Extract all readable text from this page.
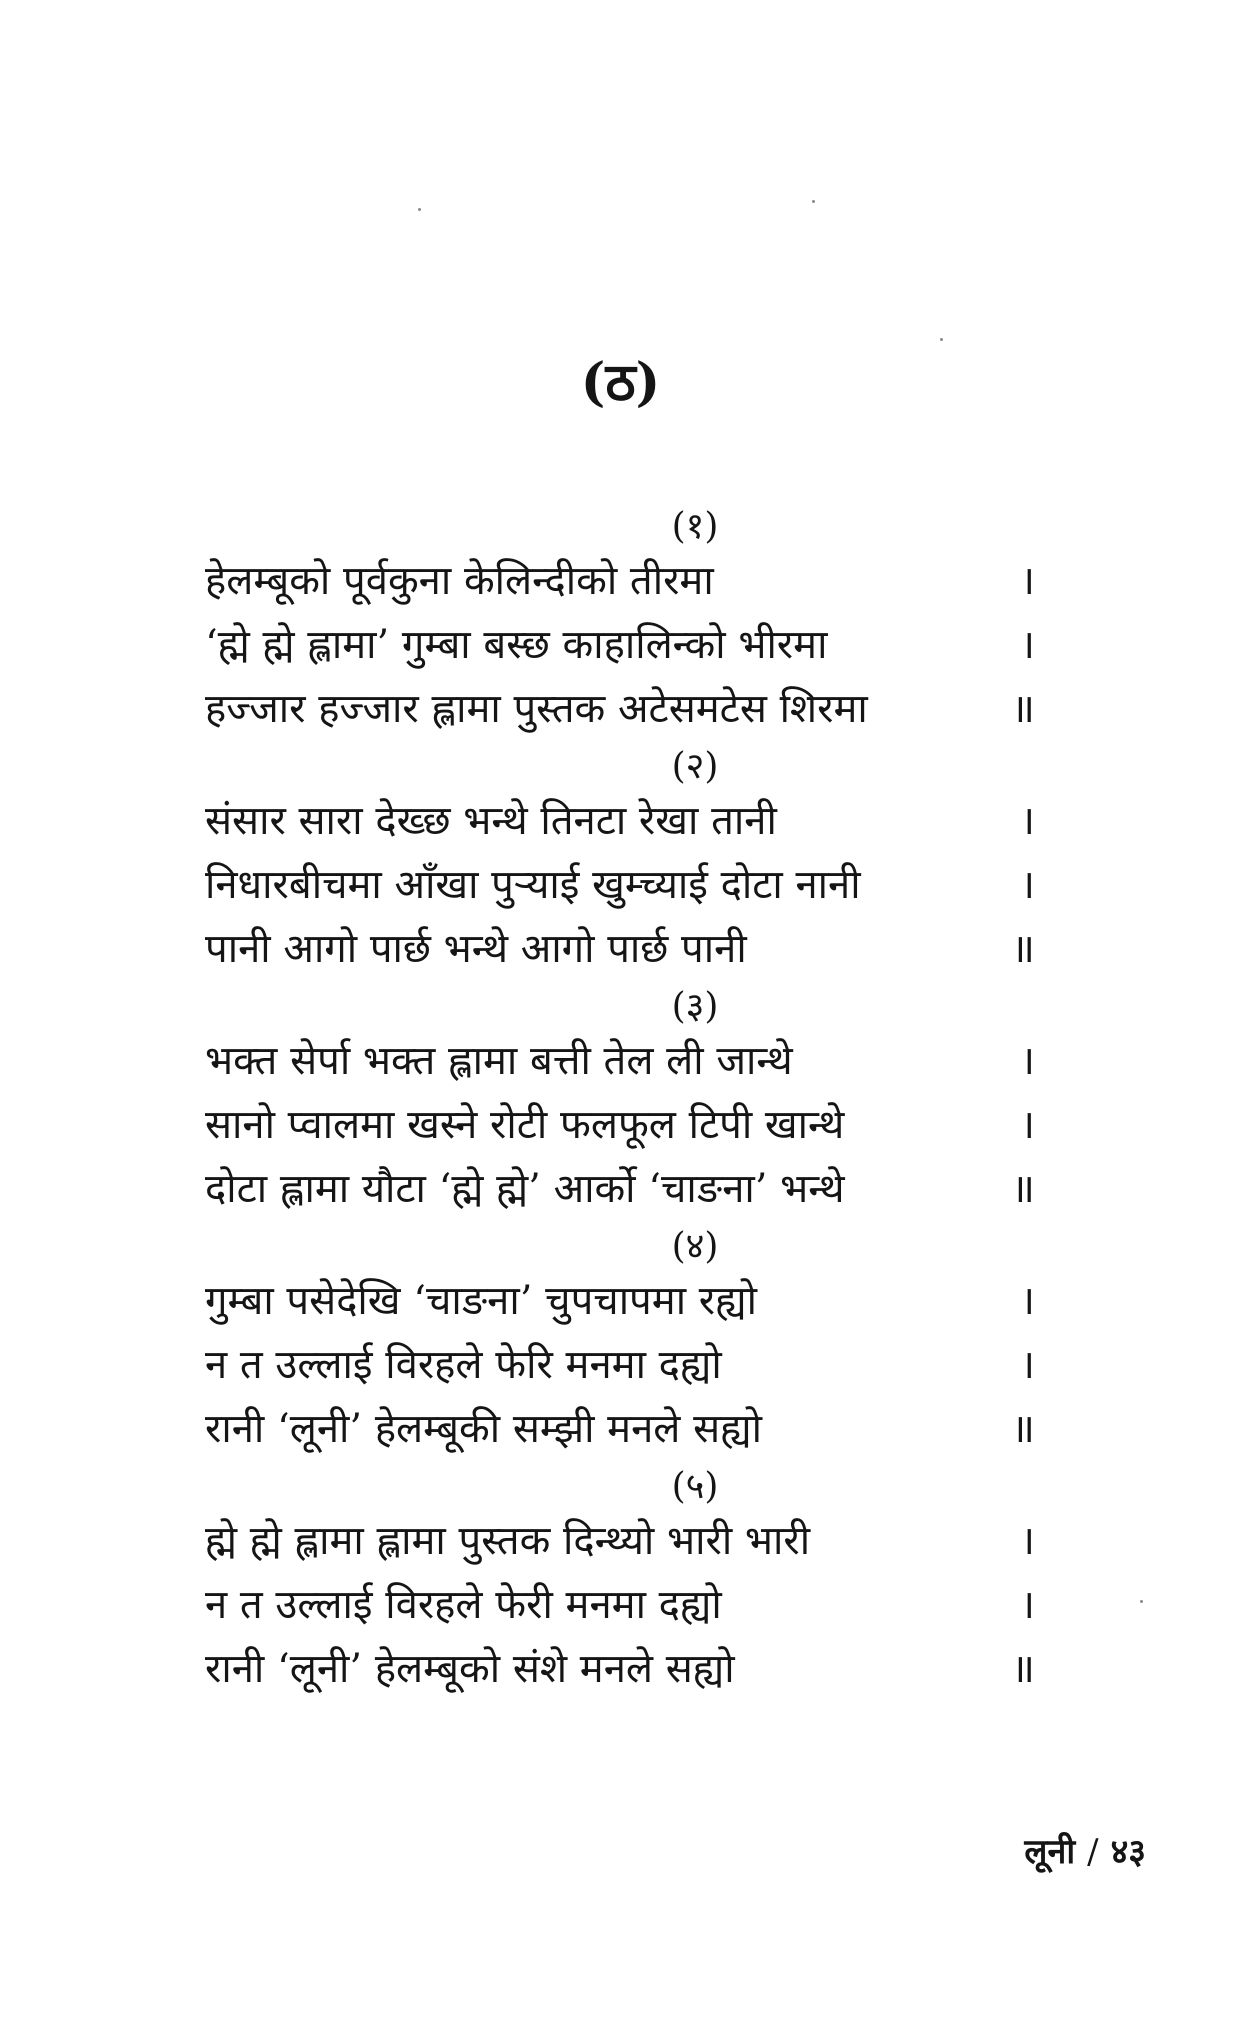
(ठ)
(१)
हेलम्बूको पूर्वकुना केलिन्दीको तीरमा	।
‘ह्मे ह्मे ह्लामा’ गुम्बा बस्छ काहालिन्को भीरमा	।
हज्जार हज्जार ह्लामा पुस्तक अटेसमटेस शिरमा	॥
(२)
संसार सारा देख्छ भन्थे तिनटा रेखा तानी	।
निधारबीचमा आँखा पुऱ्याई खुम्च्याई दोटा नानी	।
पानी आगो पार्छ भन्थे आगो पार्छ पानी	॥
(३)
भक्त सेर्पा भक्त ह्लामा बत्ती तेल ली जान्थे	।
सानो प्वालमा खस्ने रोटी फलफूल टिपी खान्थे	।
दोटा ह्लामा यौटा ‘ह्मे ह्मे’ आर्को ‘चाङना’ भन्थे	॥
(४)
गुम्बा पसेदेखि ‘चाङना’ चुपचापमा रह्यो	।
न त उल्लाई विरहले फेरि मनमा दह्यो	।
रानी ‘लूनी’ हेलम्बूकी सम्झी मनले सह्यो	॥
(५)
ह्मे ह्मे ह्लामा ह्लामा पुस्तक दिन्थ्यो भारी भारी	।
न त उल्लाई विरहले फेरी मनमा दह्यो	।
रानी ‘लूनी’ हेलम्बूको संशे मनले सह्यो	॥
लूनी / ४३
